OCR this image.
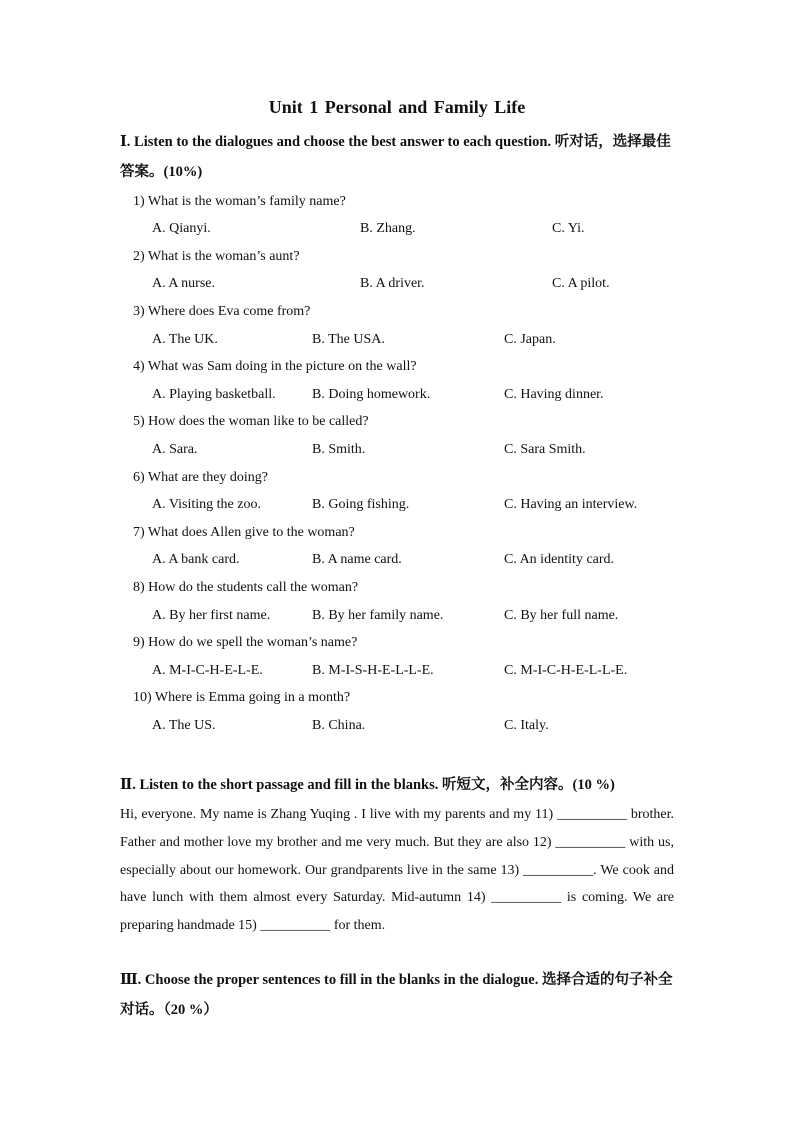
Unit 1 Personal and Family Life
Ⅰ. Listen to the dialogues and choose the best answer to each question. 听对话，选择最佳答案。(10%)
1) What is the woman’s family name?
A. Qianyi.	B. Zhang.	C. Yi.
2) What is the woman’s aunt?
A. A nurse.	B. A driver.	C. A pilot.
3) Where does Eva come from?
A. The UK.	B. The USA.	C. Japan.
4) What was Sam doing in the picture on the wall?
A. Playing basketball.	B. Doing homework.	C. Having dinner.
5) How does the woman like to be called?
A. Sara.	B. Smith.	C. Sara Smith.
6) What are they doing?
A. Visiting the zoo.	B. Going fishing.	C. Having an interview.
7) What does Allen give to the woman?
A. A bank card.	B. A name card.	C. An identity card.
8) How do the students call the woman?
A. By her first name.	B. By her family name.	C. By her full name.
9) How do we spell the woman’s name?
A. M-I-C-H-E-L-E.	B. M-I-S-H-E-L-L-E.	C. M-I-C-H-E-L-L-E.
10) Where is Emma going in a month?
A. The US.	B. China.	C. Italy.
Ⅱ. Listen to the short passage and fill in the blanks. 听短文，补全内容。(10 %)
Hi, everyone. My name is Zhang Yuqing . I live with my parents and my 11) __________ brother. Father and mother love my brother and me very much. But they are also 12) __________ with us, especially about our homework. Our grandparents live in the same 13) __________. We cook and have lunch with them almost every Saturday. Mid-autumn 14) __________ is coming. We are preparing handmade 15) __________ for them.
Ⅲ. Choose the proper sentences to fill in the blanks in the dialogue. 选择合适的句子补全对话。（20 %）
